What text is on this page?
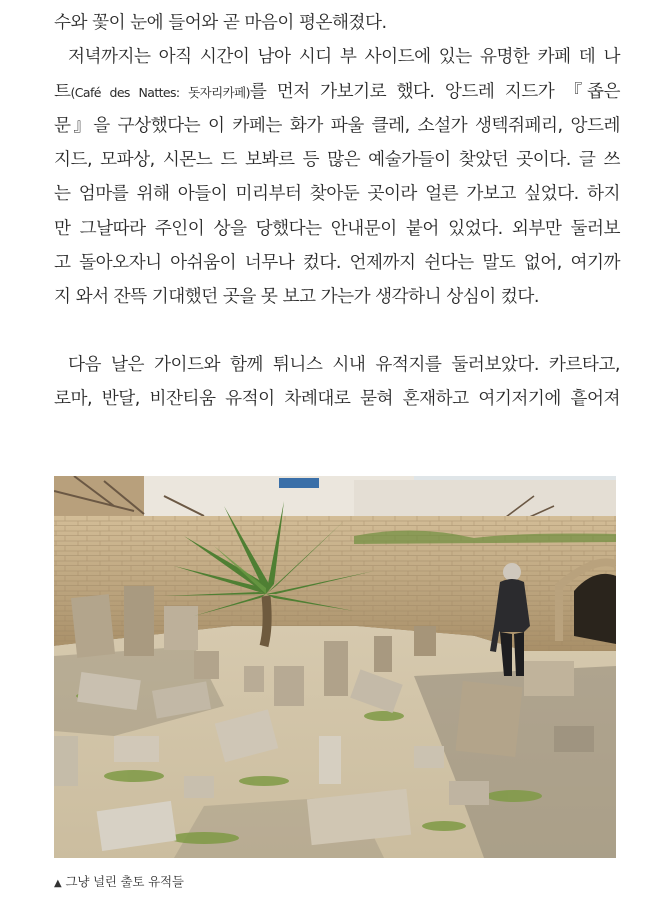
수와 꽃이 눈에 들어와 곧 마음이 평온해졌다.
저녁까지는 아직 시간이 남아 시디 부 사이드에 있는 유명한 카페 데 나
트(Café des Nattes: 돗자리카페)를 먼저 가보기로 했다. 앙드레 지드가 『좁은
문』을 구상했다는 이 카페는 화가 파울 클레, 소설가 생텍쥐페리, 앙드레
지드, 모파상, 시몬느 드 보봐르 등 많은 예술가들이 찾았던 곳이다. 글 쓰
는 엄마를 위해 아들이 미리부터 찾아둔 곳이라 얼른 가보고 싶었다. 하지
만 그날따라 주인이 상을 당했다는 안내문이 붙어 있었다. 외부만 둘러보
고 돌아오자니 아쉬움이 너무나 컸다. 언제까지 쉰다는 말도 없어, 여기까
지 와서 잔뜩 기대했던 곳을 못 보고 가는가 생각하니 상심이 컸다.
다음 날은 가이드와 함께 튀니스 시내 유적지를 둘러보았다. 카르타고,
로마, 반달, 비잔티움 유적이 차례대로 묻혀 혼재하고 여기저기에 흩어져
▲ 그냥 널린 출토 유적들
